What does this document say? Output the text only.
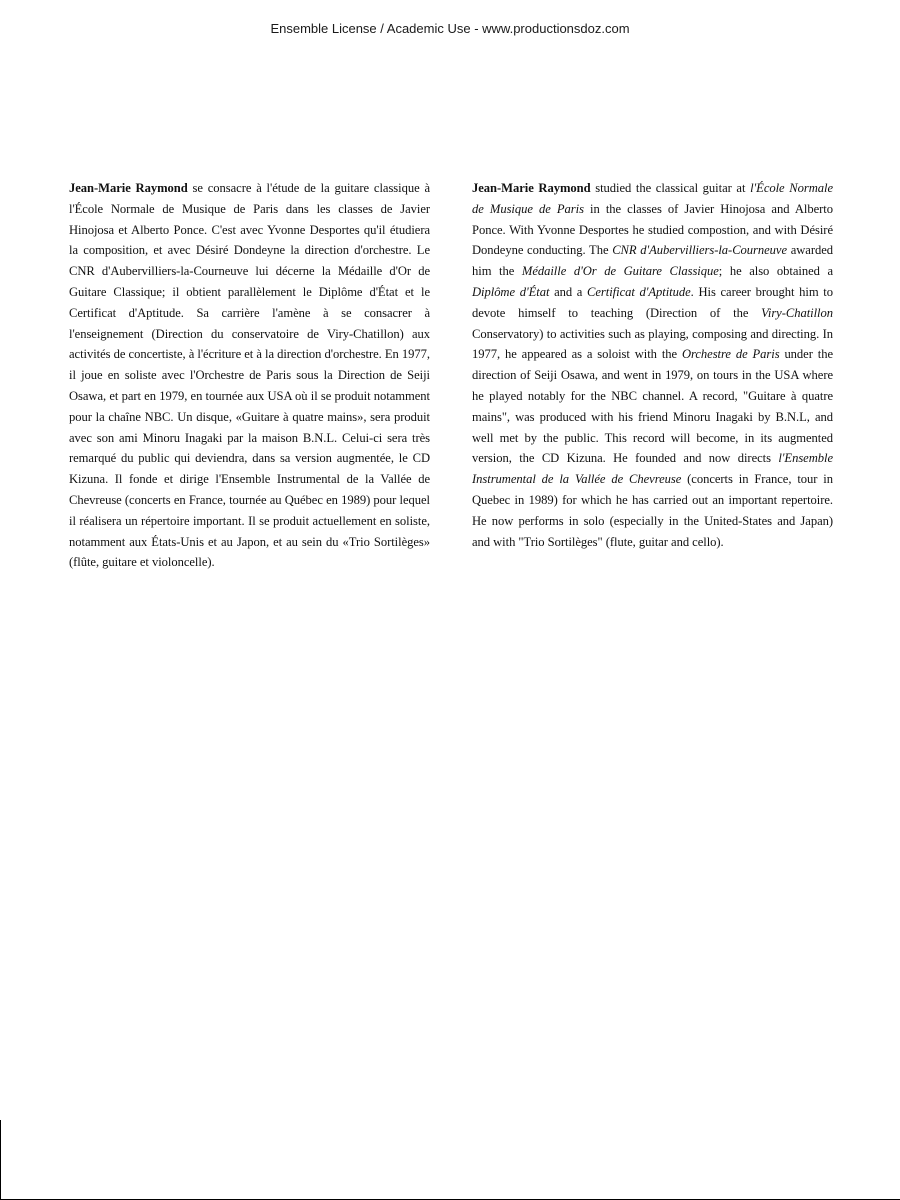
Ensemble License / Academic Use - www.productionsdoz.com

Jean-Marie Raymond se consacre à l'étude de la guitare classique à l'École Normale de Musique de Paris dans les classes de Javier Hinojosa et Alberto Ponce. C'est avec Yvonne Desportes qu'il étudiera la composition, et avec Désiré Dondeyne la direction d'orchestre. Le CNR d'Aubervilliers-la-Courneuve lui décerne la Médaille d'Or de Guitare Classique; il obtient parallèlement le Diplôme d'État et le Certificat d'Aptitude. Sa carrière l'amène à se consacrer à l'enseignement (Direction du conservatoire de Viry-Chatillon) aux activités de concertiste, à l'écriture et à la direction d'orchestre. En 1977, il joue en soliste avec l'Orchestre de Paris sous la Direction de Seiji Osawa, et part en 1979, en tournée aux USA où il se produit notamment pour la chaîne NBC. Un disque, «Guitare à quatre mains», sera produit avec son ami Minoru Inagaki par la maison B.N.L. Celui-ci sera très remarqué du public qui deviendra, dans sa version augmentée, le CD Kizuna. Il fonde et dirige l'Ensemble Instrumental de la Vallée de Chevreuse (concerts en France, tournée au Québec en 1989) pour lequel il réalisera un répertoire important. Il se produit actuellement en soliste, notamment aux États-Unis et au Japon, et au sein du «Trio Sortilèges» (flûte, guitare et violoncelle).

Jean-Marie Raymond studied the classical guitar at l'École Normale de Musique de Paris in the classes of Javier Hinojosa and Alberto Ponce. With Yvonne Desportes he studied compostion, and with Désiré Dondeyne conducting. The CNR d'Aubervilliers-la-Courneuve awarded him the Médaille d'Or de Guitare Classique; he also obtained a Diplôme d'État and a Certificat d'Aptitude. His career brought him to devote himself to teaching (Direction of the Viry-Chatillon Conservatory) to activities such as playing, composing and directing. In 1977, he appeared as a soloist with the Orchestre de Paris under the direction of Seiji Osawa, and went in 1979, on tours in the USA where he played notably for the NBC channel. A record, "Guitare à quatre mains", was produced with his friend Minoru Inagaki by B.N.L, and well met by the public. This record will become, in its augmented version, the CD Kizuna. He founded and now directs l'Ensemble Instrumental de la Vallée de Chevreuse (concerts in France, tour in Quebec in 1989) for which he has carried out an important repertoire. He now performs in solo (especially in the United-States and Japan) and with "Trio Sortilèges" (flute, guitar and cello).
